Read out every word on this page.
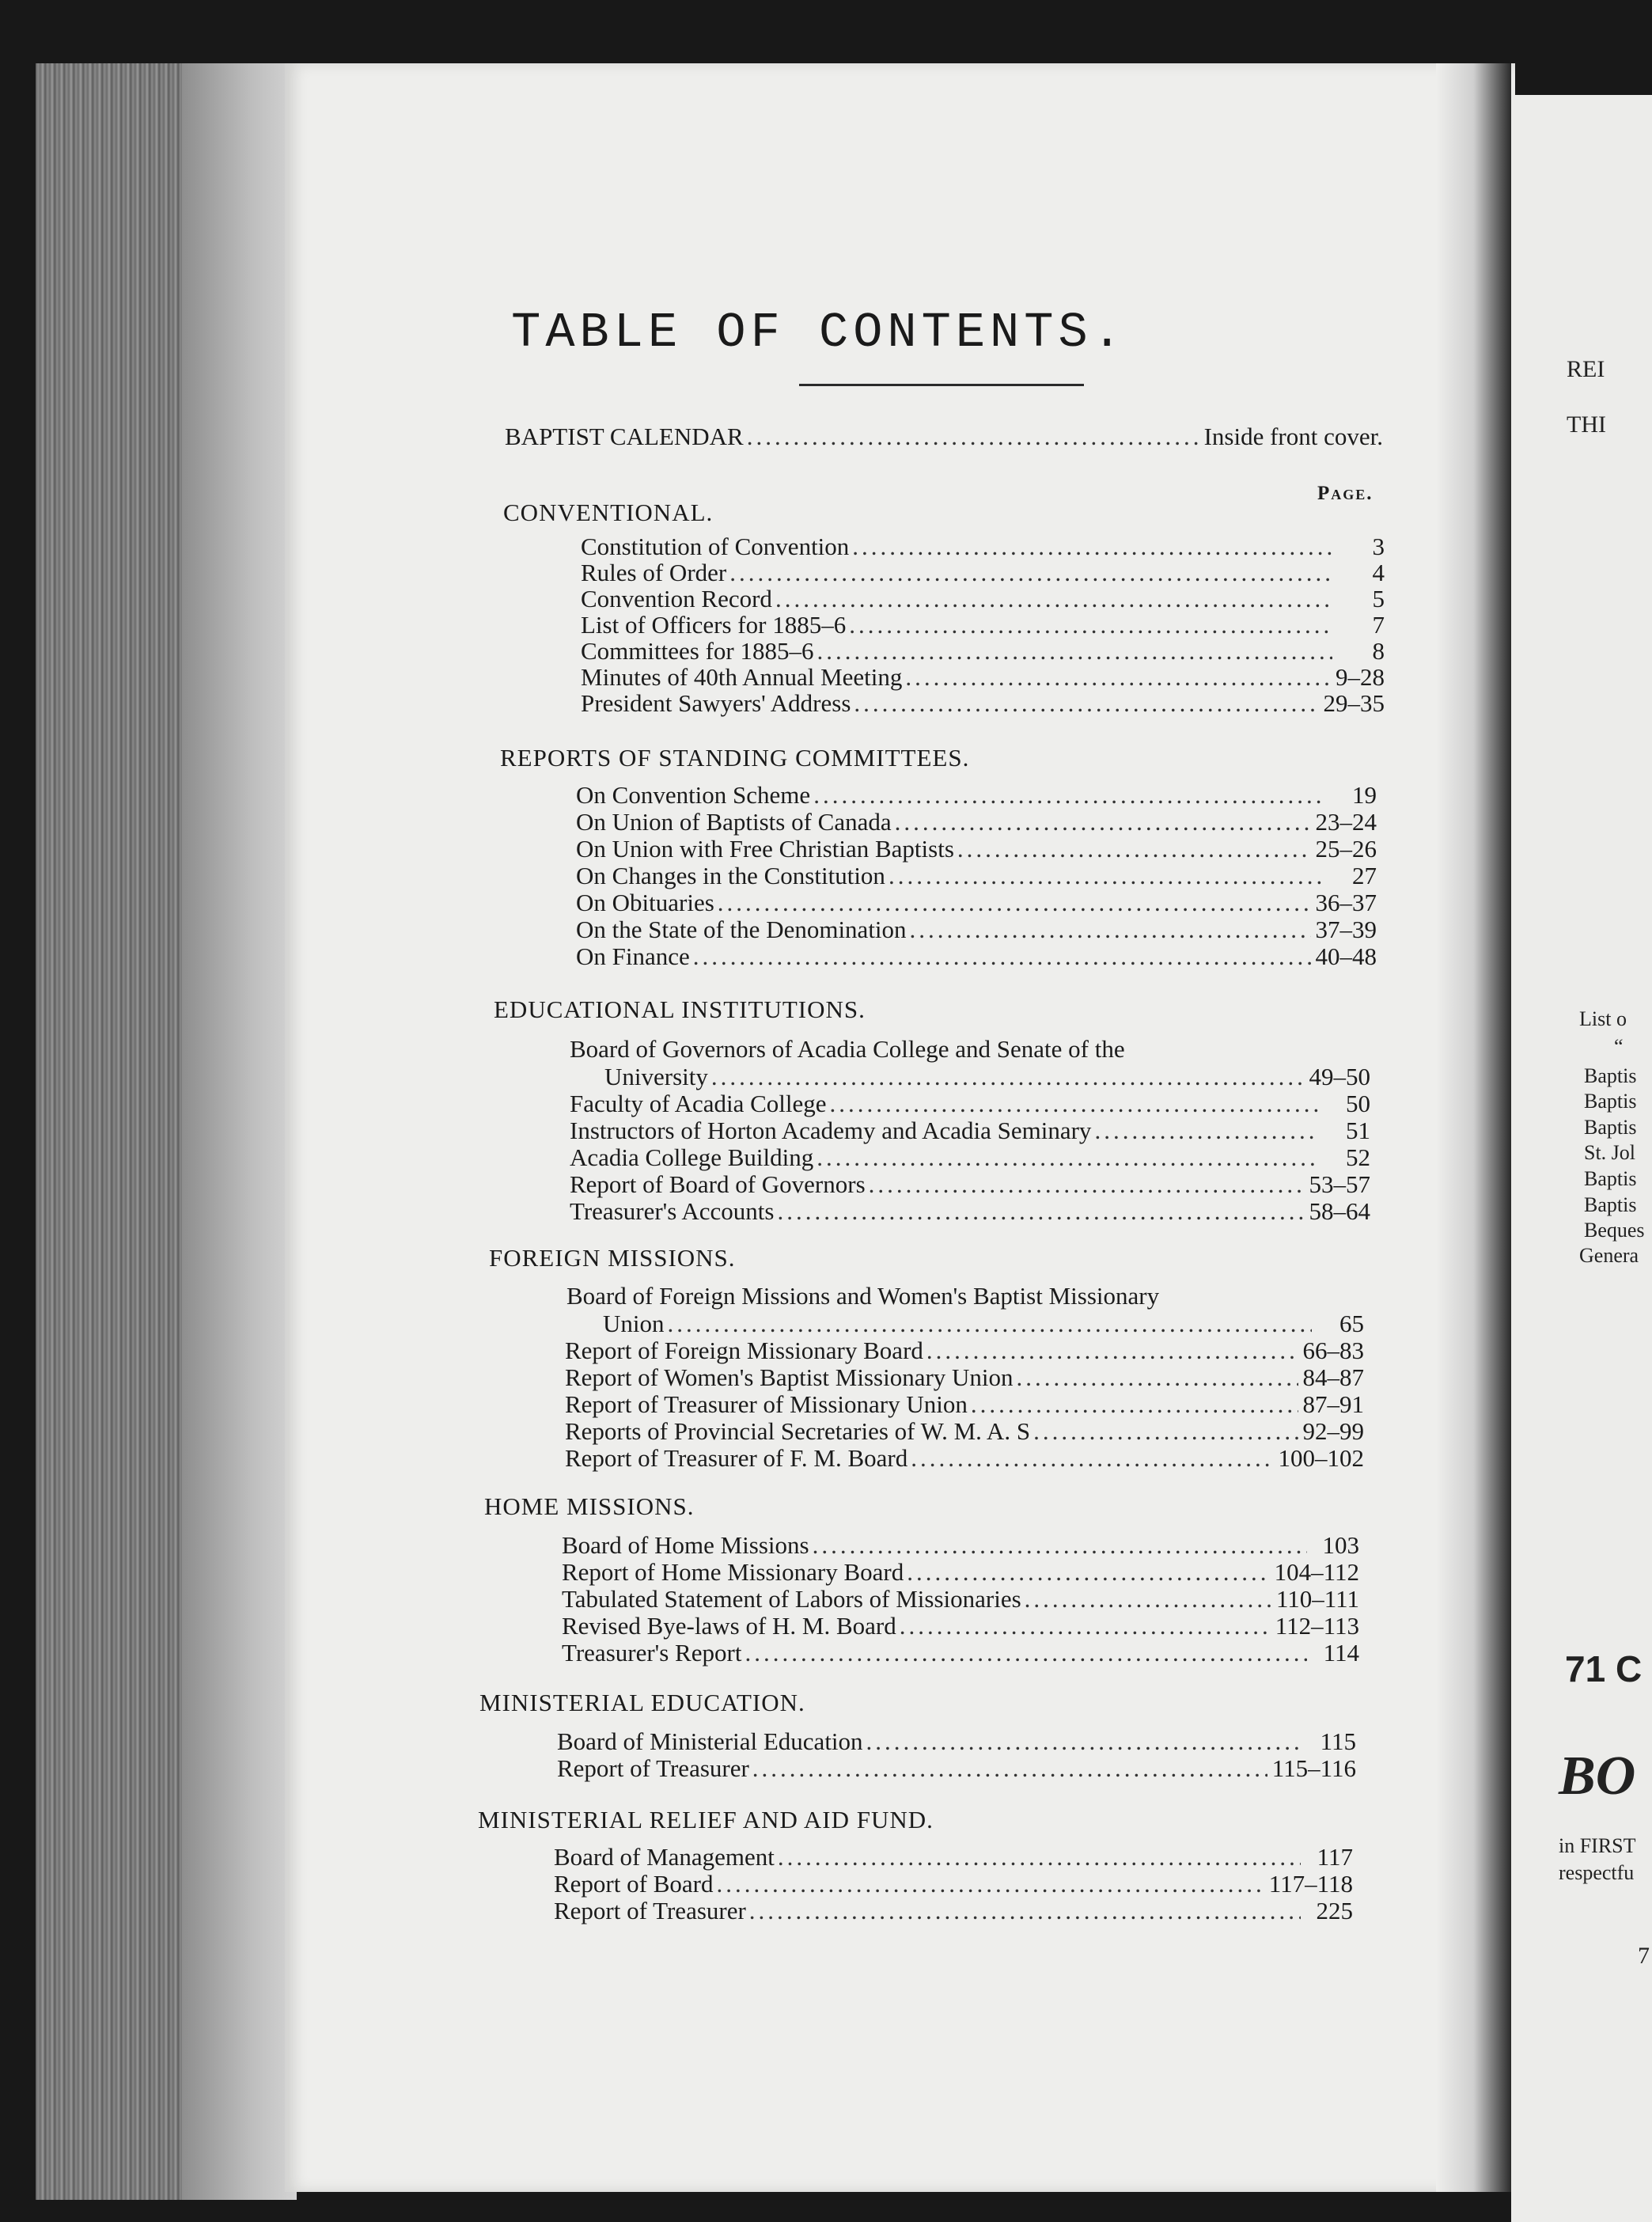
REI
THI
List o
“
Baptis
Baptis
Baptis
St. Jol
Baptis
Baptis
Beques
Genera
71 C
BO
in FIRST
respectfu
7
TABLE OF CONTENTS.
BAPTIST CALENDAR .....	Inside front cover.
Page.
CONVENTIONAL.
Constitution of Convention .....	3
Rules of Order .....	4
Convention Record .....	5
List of Officers for 1885–6 .....	7
Committees for 1885–6 .....	8
Minutes of 40th Annual Meeting .....	9–28
President Sawyers' Address .....	29–35
REPORTS OF STANDING COMMITTEES.
On Convention Scheme .....	19
On Union of Baptists of Canada .....	23–24
On Union with Free Christian Baptists .....	25–26
On Changes in the Constitution .....	27
On Obituaries .....	36–37
On the State of the Denomination .....	37–39
On Finance .....	40–48
EDUCATIONAL INSTITUTIONS.
Board of Governors of Acadia College and Senate of the
University .....	49–50
Faculty of Acadia College .....	50
Instructors of Horton Academy and Acadia Seminary .....	51
Acadia College Building .....	52
Report of Board of Governors .....	53–57
Treasurer's Accounts .....	58–64
FOREIGN MISSIONS.
Board of Foreign Missions and Women's Baptist Missionary
Union .....	65
Report of Foreign Missionary Board .....	66–83
Report of Women's Baptist Missionary Union .....	84–87
Report of Treasurer of Missionary Union .....	87–91
Reports of Provincial Secretaries of W. M. A. S .....	92–99
Report of Treasurer of F. M. Board .....	100–102
HOME MISSIONS.
Board of Home Missions .....	103
Report of Home Missionary Board .....	104–112
Tabulated Statement of Labors of Missionaries .....	110–111
Revised Bye-laws of H. M. Board .....	112–113
Treasurer's Report .....	114
MINISTERIAL EDUCATION.
Board of Ministerial Education .....	115
Report of Treasurer .....	115–116
MINISTERIAL RELIEF AND AID FUND.
Board of Management .....	117
Report of Board .....	117–118
Report of Treasurer .....	225
